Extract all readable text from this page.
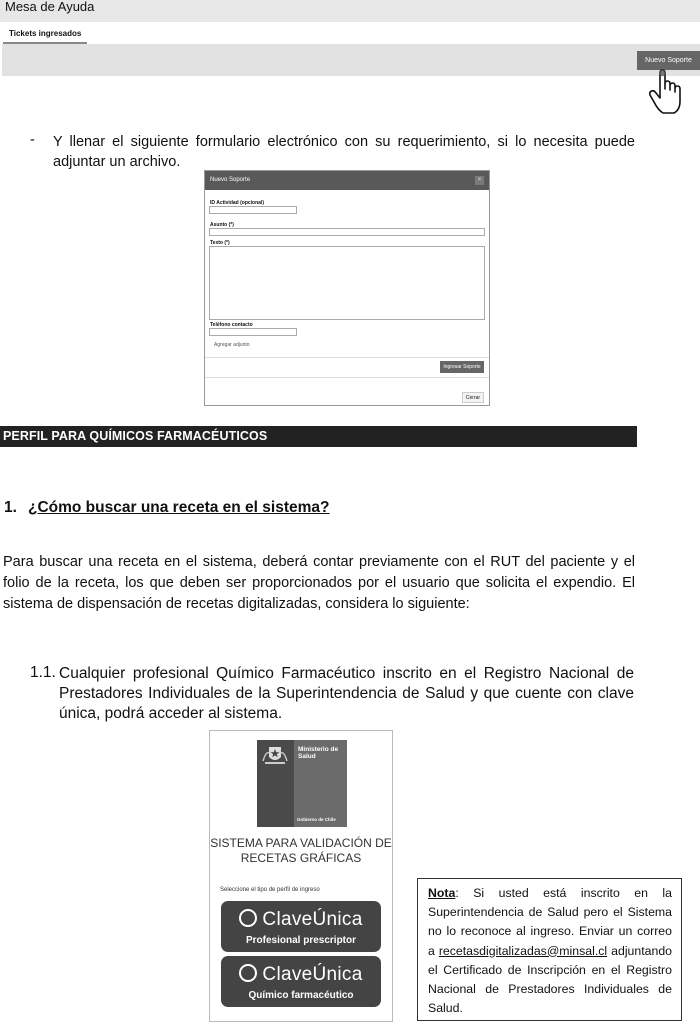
Mesa de Ayuda
Tickets ingresados
Nuevo Soporte
- Y llenar el siguiente formulario electrónico con su requerimiento, si lo necesita puede adjuntar un archivo.
Nuevo Soporte	×
ID Actividad (opcional)
Asunto (*)
Texto (*)
Teléfono contacto
Agregar adjunto
Ingresar Soporte
Cerrar
PERFIL PARA QUÍMICOS FARMACÉUTICOS
1. ¿Cómo buscar una receta en el sistema?
Para buscar una receta en el sistema, deberá contar previamente con el RUT del paciente y el folio de la receta, los que deben ser proporcionados por el usuario que solicita el expendio. El sistema de dispensación de recetas digitalizadas, considera lo siguiente:
1.1. Cualquier profesional Químico Farmacéutico inscrito en el Registro Nacional de Prestadores Individuales de la Superintendencia de Salud y que cuente con clave única, podrá acceder al sistema.
Ministerio de Salud
Gobierno de Chile
SISTEMA PARA VALIDACIÓN DE RECETAS GRÁFICAS
Seleccione el tipo de perfil de ingreso
ClaveÚnica
Profesional prescriptor
ClaveÚnica
Químico farmacéutico
Nota: Si usted está inscrito en la Superintendencia de Salud pero el Sistema no lo reconoce al ingreso. Enviar un correo a recetasdigitalizadas@minsal.cl adjuntando el Certificado de Inscripción en el Registro Nacional de Prestadores Individuales de Salud.
